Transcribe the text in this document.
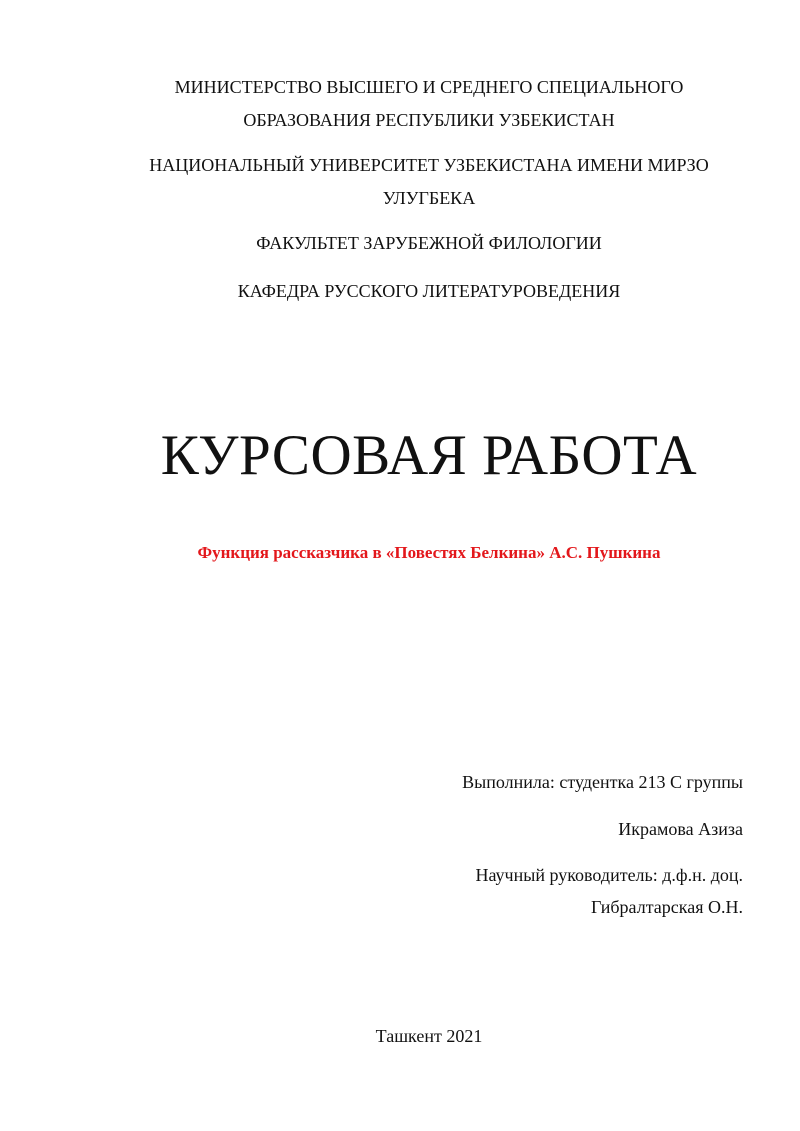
МИНИСТЕРСТВО ВЫСШЕГО И СРЕДНЕГО СПЕЦИАЛЬНОГО
ОБРАЗОВАНИЯ РЕСПУБЛИКИ УЗБЕКИСТАН
НАЦИОНАЛЬНЫЙ УНИВЕРСИТЕТ УЗБЕКИСТАНА ИМЕНИ МИРЗО
УЛУГБЕКА
ФАКУЛЬТЕТ ЗАРУБЕЖНОЙ ФИЛОЛОГИИ
КАФЕДРА РУССКОГО ЛИТЕРАТУРОВЕДЕНИЯ
КУРСОВАЯ РАБОТА
Функция рассказчика в «Повестях Белкина» А.С. Пушкина
Выполнила: студентка 213 С группы
Икрамова Азиза
Научный руководитель: д.ф.н. доц.
Гибралтарская О.Н.
Ташкент 2021
